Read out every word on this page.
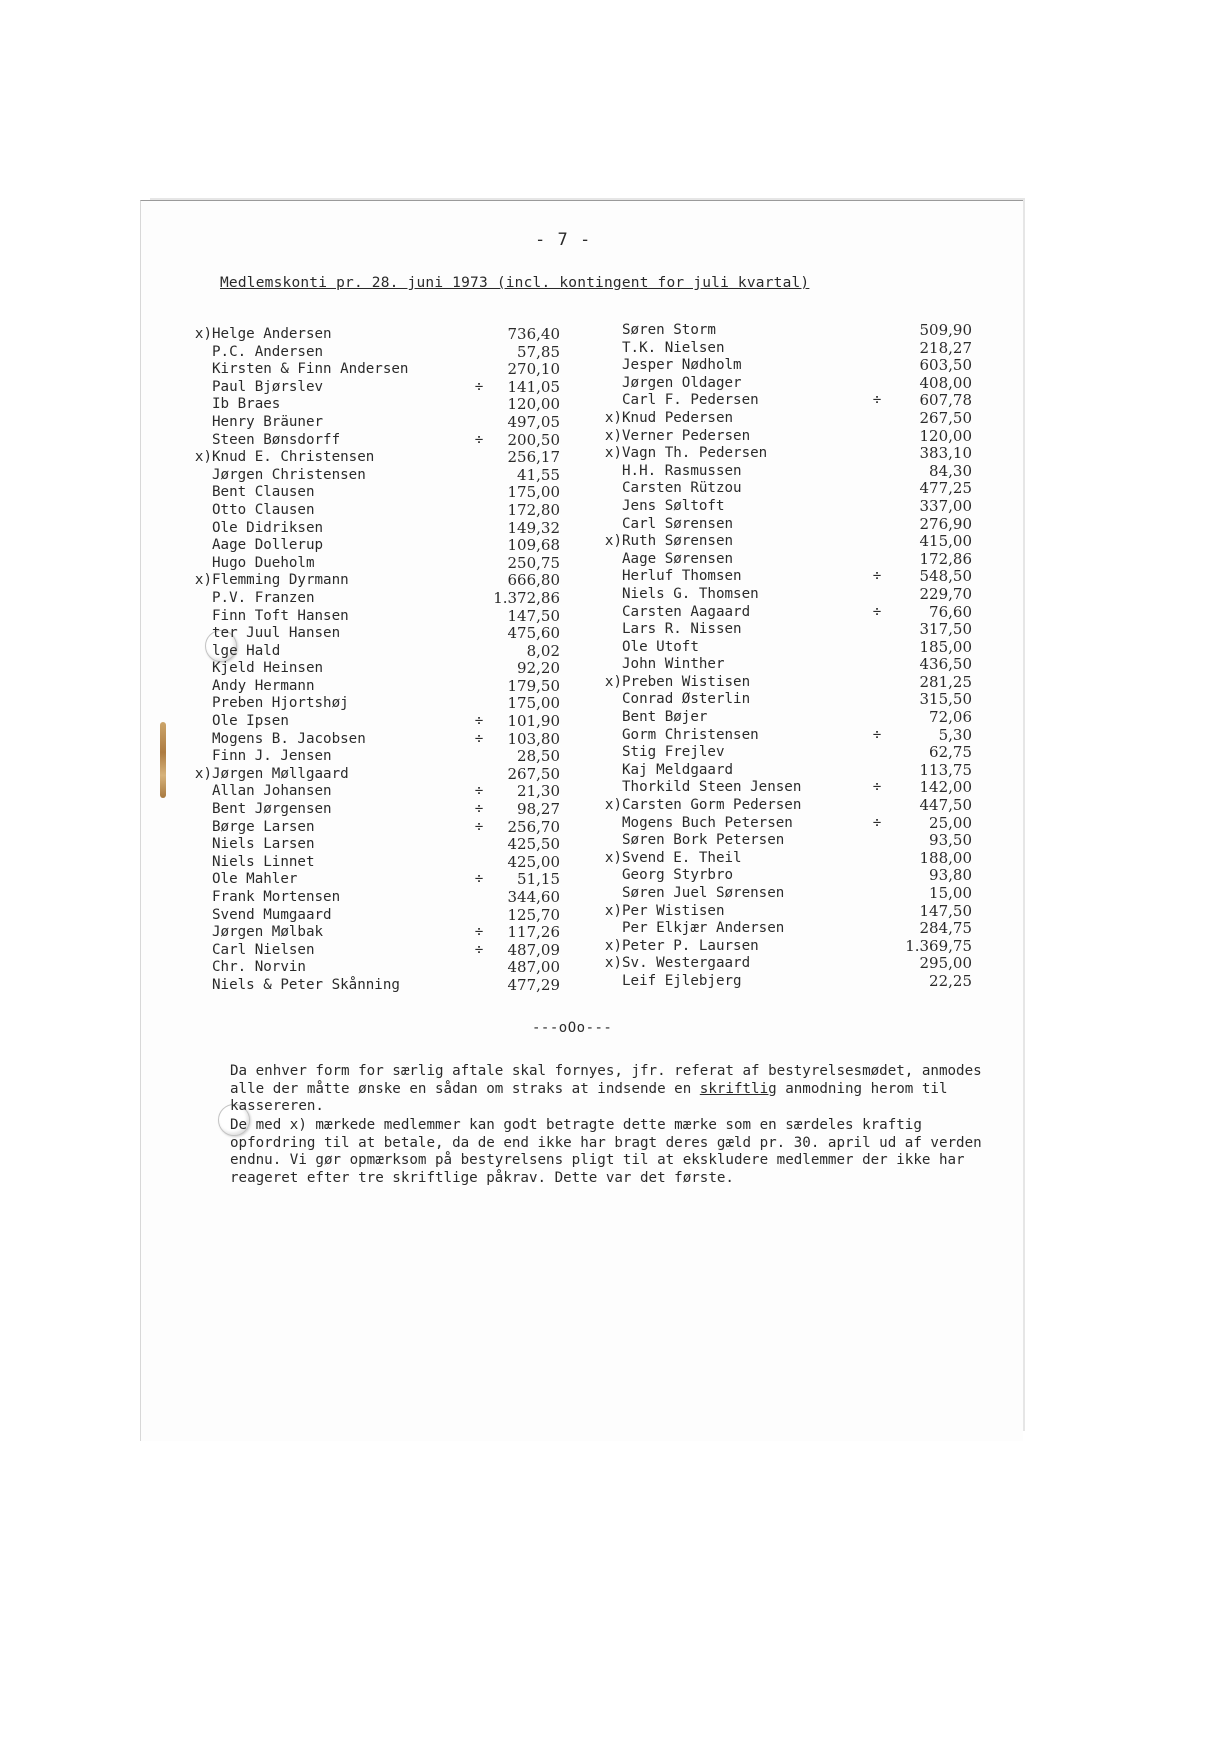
- 7 -
Medlemskonti pr. 28. juni 1973 (incl. kontingent for juli kvartal)
x) Helge Andersen	736,40
P.C. Andersen	57,85
Kirsten & Finn Andersen	270,10
Paul Bjørslev	÷ 141,05
Ib Braes	120,00
Henry Bräuner	497,05
Steen Bønsdorff	÷ 200,50
x) Knud E. Christensen	256,17
Jørgen Christensen	41,55
Bent Clausen	175,00
Otto Clausen	172,80
Ole Didriksen	149,32
Aage Dollerup	109,68
Hugo Dueholm	250,75
x) Flemming Dyrmann	666,80
P.V. Franzen	1.372,86
Finn Toft Hansen	147,50
ter Juul Hansen	475,60
lge Hald	8,02
Kjeld Heinsen	92,20
Andy Hermann	179,50
Preben Hjortshøj	175,00
Ole Ipsen	÷ 101,90
Mogens B. Jacobsen	÷ 103,80
Finn J. Jensen	28,50
x) Jørgen Møllgaard	267,50
Allan Johansen	÷ 21,30
Bent Jørgensen	÷ 98,27
Børge Larsen	÷ 256,70
Niels Larsen	425,50
Niels Linnet	425,00
Ole Mahler	÷ 51,15
Frank Mortensen	344,60
Svend Mumgaard	125,70
Jørgen Mølbak	÷ 117,26
Carl Nielsen	÷ 487,09
Chr. Norvin	487,00
Niels & Peter Skånning	477,29
Søren Storm	509,90
T.K. Nielsen	218,27
Jesper Nødholm	603,50
Jørgen Oldager	408,00
Carl F. Pedersen	÷	607,78
x) Knud Pedersen	267,50
x) Verner Pedersen	120,00
x) Vagn Th. Pedersen	383,10
H.H. Rasmussen	84,30
Carsten Rützou	477,25
Jens Søltoft	337,00
Carl Sørensen	276,90
x) Ruth Sørensen	415,00
Aage Sørensen	172,86
Herluf Thomsen	÷	548,50
Niels G. Thomsen	229,70
Carsten Aagaard	÷	76,60
Lars R. Nissen	317,50
Ole Utoft	185,00
John Winther	436,50
x) Preben Wistisen	281,25
Conrad Østerlin	315,50
Bent Bøjer	72,06
Gorm Christensen	÷	5,30
Stig Frejlev	62,75
Kaj Meldgaard	113,75
Thorkild Steen Jensen	÷	142,00
x) Carsten Gorm Pedersen	447,50
Mogens Buch Petersen	÷	25,00
Søren Bork Petersen	93,50
x) Svend E. Theil	188,00
Georg Styrbro	93,80
Søren Juel Sørensen	15,00
x) Per Wistisen	147,50
Per Elkjær Andersen	284,75
x) Peter P. Laursen	1.369,75
x) Sv. Westergaard	295,00
Leif Ejlebjerg	22,25
---oOo---

Da enhver form for særlig aftale skal fornyes, jfr. referat af bestyrelsesmødet, anmodes alle der måtte ønske en sådan om straks at indsende en skriftlig anmodning herom til kassereren.

De med x) mærkede medlemmer kan godt betragte dette mærke som en særdeles kraftig opfordring til at betale, da de end ikke har bragt deres gæld pr. 30. april ud af verden endnu. Vi gør opmærksom på bestyrelsens pligt til at ekskludere medlemmer der ikke har reageret efter tre skriftlige påkrav. Dette var det første.
